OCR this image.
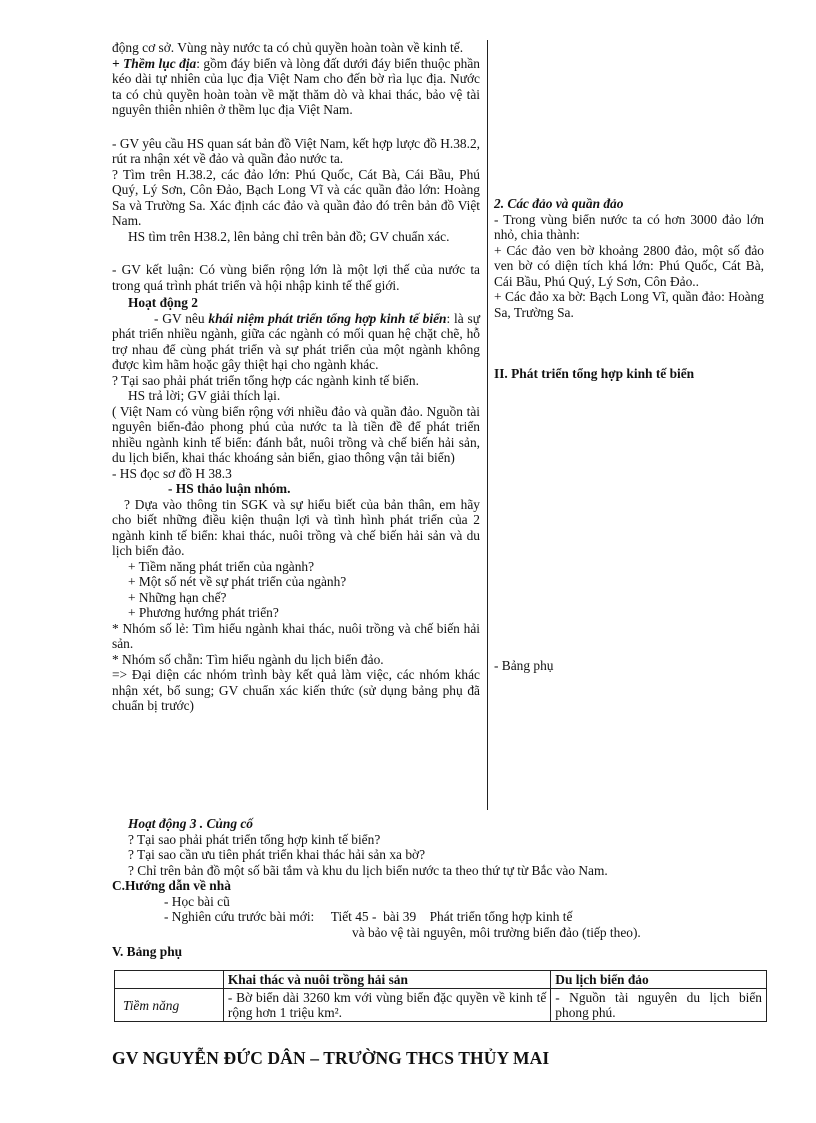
động cơ sở. Vùng này nước ta có chủ quyền hoàn toàn về kinh tế.

+ Thềm lục địa: gồm đáy biển và lòng đất dưới đáy biển thuộc phần kéo dài tự nhiên của lục địa Việt Nam cho đến bờ rìa lục địa. Nước ta có chủ quyền hoàn toàn về mặt thăm dò và khai thác, bảo vệ tài nguyên thiên nhiên ở thềm lục địa Việt Nam.

- GV yêu cầu HS quan sát bản đồ Việt Nam, kết hợp lược đồ H.38.2, rút ra nhận xét về đảo và quần đảo nước ta.

? Tìm trên H.38.2, các đảo lớn: Phú Quốc, Cát Bà, Cái Bầu, Phú Quý, Lý Sơn, Côn Đảo, Bạch Long Vĩ và các quần đảo lớn: Hoàng Sa và Trường Sa. Xác định các đảo và quần đảo đó trên bản đồ Việt Nam.

HS tìm trên H38.2, lên bảng chỉ trên bản đồ; GV chuẩn xác.

- GV kết luận: Có vùng biển rộng lớn là một lợi thế của nước ta trong quá trình phát triển và hội nhập kinh tế thế giới.

Hoạt động 2

- GV nêu khái niệm phát triển tổng hợp kinh tế biển: là sự phát triển nhiều ngành, giữa các ngành có mối quan hệ chặt chẽ, hỗ trợ nhau để cùng phát triển và sự phát triển của một ngành không được kìm hãm hoặc gây thiệt hại cho ngành khác.

? Tại sao phải phát triển tổng hợp các ngành kinh tế biển.

HS trả lời; GV giải thích lại.

( Việt Nam có vùng biển rộng với nhiều đảo và quần đảo. Nguồn tài nguyên biển-đảo phong phú của nước ta là tiền đề để phát triển nhiều ngành kinh tế biển: đánh bắt, nuôi trồng và chế biến hải sản, du lịch biển, khai thác khoáng sản biển, giao thông vận tải biển)

- HS đọc sơ đồ H 38.3

- HS thảo luận nhóm.

? Dựa vào thông tin SGK và sự hiểu biết của bản thân, em hãy cho biết những điều kiện thuận lợi và tình hình phát triển của 2 ngành kinh tế biển: khai thác, nuôi trồng và chế biến hải sản và du lịch biển đảo.

+ Tiềm năng phát triển của ngành?

+ Một số nét về sự phát triển của ngành?

+ Những hạn chế?

+ Phương hướng phát triển?

* Nhóm số lẻ: Tìm hiểu ngành khai thác, nuôi trồng và chế biến hải sản.

* Nhóm số chẵn: Tìm hiểu ngành du lịch biển đảo.

=> Đại diện các nhóm trình bày kết quả làm việc, các nhóm khác nhận xét, bổ sung; GV chuẩn xác kiến thức (sử dụng bảng phụ đã chuẩn bị trước)

2. Các đảo và quần đảo

- Trong vùng biển nước ta có hơn 3000 đảo lớn nhỏ, chia thành:

+ Các đảo ven bờ khoảng 2800 đảo, một số đảo ven bờ có diện tích khá lớn: Phú Quốc, Cát Bà, Cái Bầu, Phú Quý, Lý Sơn, Côn Đảo..

+ Các đảo xa bờ: Bạch Long Vĩ, quần đảo: Hoàng Sa, Trường Sa.

II. Phát triển tổng hợp kinh tế biển

- Bảng phụ

Hoạt động 3 . Củng cố

? Tại sao phải phát triển tổng hợp kinh tế biển?

? Tại sao cần ưu tiên phát triển khai thác hải sản xa bờ?

? Chỉ trên bản đồ một số bãi tắm và khu du lịch biển nước ta theo thứ tự từ Bắc vào Nam.

C.Hướng dẫn về nhà

- Học bài cũ

- Nghiên cứu trước bài mới:     Tiết 45 -  bài 39    Phát triển tổng hợp kinh tế

và bảo vệ tài nguyên, môi trường biển đảo (tiếp theo).

V. Bảng phụ

	Khai thác và nuôi trồng hải sản	Du lịch biển đảo
Tiềm năng	- Bờ biển dài 3260 km với vùng biển đặc quyền về kinh tế rộng hơn 1 triệu km².	- Nguồn tài nguyên du lịch biển phong phú.
GV NGUYỄN ĐỨC DÂN – TRƯỜNG THCS THỦY MAI
